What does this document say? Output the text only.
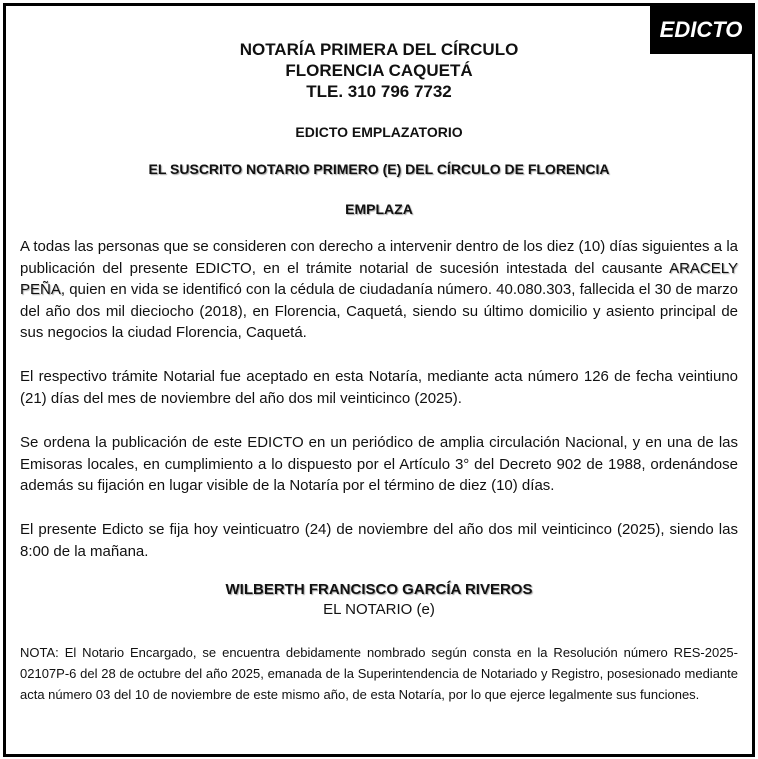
EDICTO
NOTARÍA PRIMERA DEL CÍRCULO
FLORENCIA CAQUETÁ
TLE. 310 796 7732
EDICTO EMPLAZATORIO
EL SUSCRITO NOTARIO PRIMERO (E) DEL CÍRCULO DE FLORENCIA
EMPLAZA

A todas las personas que se consideren con derecho a intervenir dentro de los diez (10) días siguientes a la publicación del presente EDICTO, en el trámite notarial de sucesión intestada del causante ARACELY PEÑA, quien en vida se identificó con la cédula de ciudadanía número. 40.080.303, fallecida el 30 de marzo del año dos mil dieciocho (2018), en Florencia, Caquetá, siendo su último domicilio y asiento principal de sus negocios la ciudad Florencia, Caquetá.

El respectivo trámite Notarial fue aceptado en esta Notaría, mediante acta número 126 de fecha veintiuno (21) días del mes de noviembre del año dos mil veinticinco (2025).

Se ordena la publicación de este EDICTO en un periódico de amplia circulación Nacional, y en una de las Emisoras locales, en cumplimiento a lo dispuesto por el Artículo 3° del Decreto 902 de 1988, ordenándose además su fijación en lugar visible de la Notaría por el término de diez (10) días.

El presente Edicto se fija hoy veinticuatro (24) de noviembre del año dos mil veinticinco (2025), siendo las 8:00 de la mañana.

WILBERTH FRANCISCO GARCÍA RIVEROS
EL NOTARIO (e)

NOTA: El Notario Encargado, se encuentra debidamente nombrado según consta en la Resolución número RES-2025-02107P-6 del 28 de octubre del año 2025, emanada de la Superintendencia de Notariado y Registro, posesionado mediante acta número 03 del 10 de noviembre de este mismo año, de esta Notaría, por lo que ejerce legalmente sus funciones.
